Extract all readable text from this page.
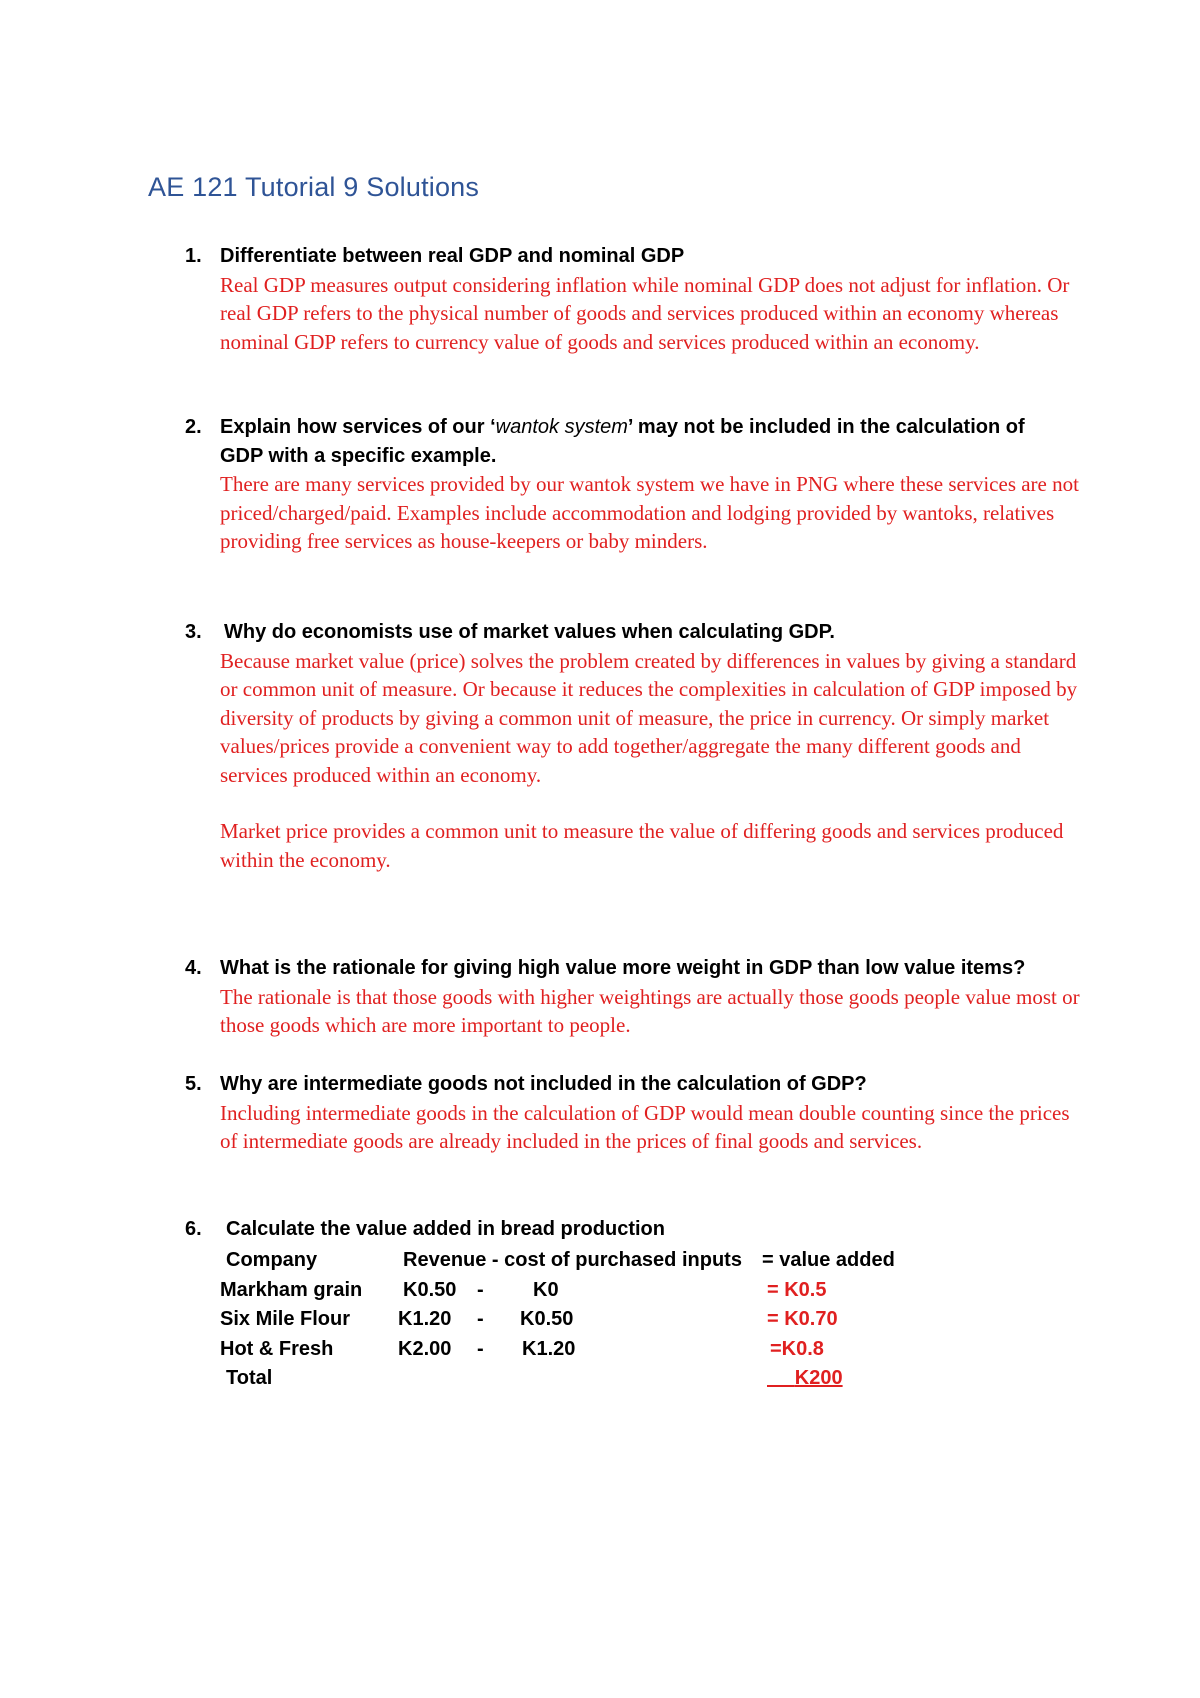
AE 121 Tutorial 9 Solutions
1. Differentiate between real GDP and nominal GDP

Real GDP measures output considering inflation while nominal GDP does not adjust for inflation. Or real GDP refers to the physical number of goods and services produced within an economy whereas nominal GDP refers to currency value of goods and services produced within an economy.

2. Explain how services of our ‘wantok system’ may not be included in the calculation of GDP with a specific example.

There are many services provided by our wantok system we have in PNG where these services are not priced/charged/paid. Examples include accommodation and lodging provided by wantoks, relatives providing free services as house-keepers or baby minders.

3. Why do economists use of market values when calculating GDP.

Because market value (price) solves the problem created by differences in values by giving a standard or common unit of measure. Or because it reduces the complexities in calculation of GDP imposed by diversity of products by giving a common unit of measure, the price in currency. Or simply market values/prices provide a convenient way to add together/aggregate the many different goods and services produced within an economy.

Market price provides a common unit to measure the value of differing goods and services produced within the economy.

4. What is the rationale for giving high value more weight in GDP than low value items?

The rationale is that those goods with higher weightings are actually those goods people value most or those goods which are more important to people.

5. Why are intermediate goods not included in the calculation of GDP?

Including intermediate goods in the calculation of GDP would mean double counting since the prices of intermediate goods are already included in the prices of final goods and services.

6. Calculate the value added in bread production
Company	Revenue - cost of purchased inputs = value added
Markham grain K0.50 - K0	= K0.5
Six Mile Flour K1.20 - K0.50	= K0.70
Hot & Fresh	K2.00 - K1.20	=K0.8
Total	K200
